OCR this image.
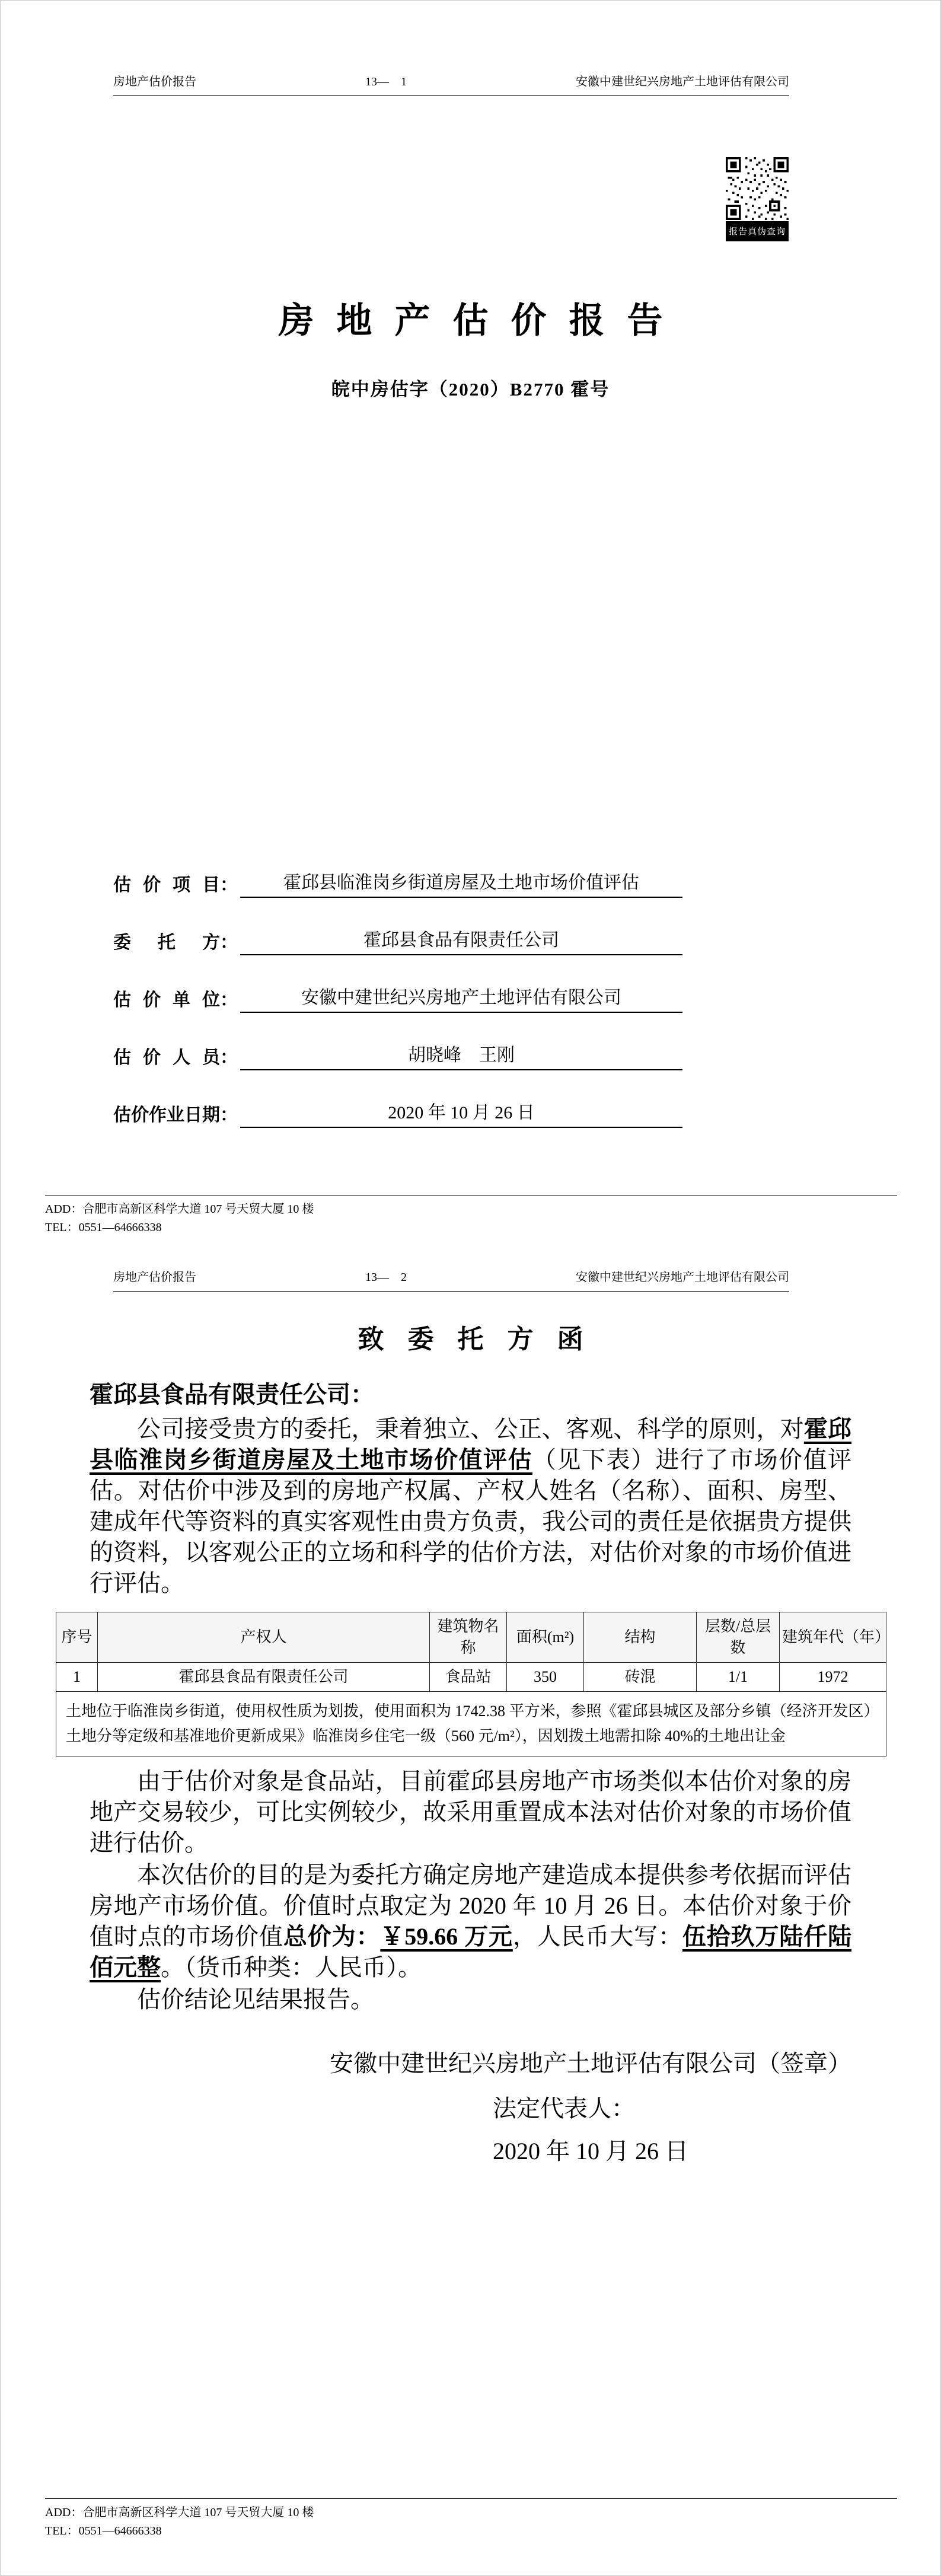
房地产估价报告	13—　1	安徽中建世纪兴房地产土地评估有限公司
报告真伪查询
房地产估价报告
皖中房估字（2020）B2770 霍号
估  价  项  目：	霍邱县临淮岗乡街道房屋及土地市场价值评估
委  托  方：	霍邱县食品有限责任公司
估  价  单  位：	安徽中建世纪兴房地产土地评估有限公司
估  价  人  员：	胡晓峰　王刚
估价作业日期：	2020 年 10 月 26 日
ADD：合肥市高新区科学大道 107 号天贸大厦 10 楼
TEL：0551—64666338
房地产估价报告	13—　2	安徽中建世纪兴房地产土地评估有限公司
致委托方函
霍邱县食品有限责任公司：

公司接受贵方的委托，秉着独立、公正、客观、科学的原则，对霍邱县临淮岗乡街道房屋及土地市场价值评估（见下表）进行了市场价值评估。对估价中涉及到的房地产权属、产权人姓名（名称）、面积、房型、建成年代等资料的真实客观性由贵方负责，我公司的责任是依据贵方提供的资料，以客观公正的立场和科学的估价方法，对估价对象的市场价值进行评估。

序号	产权人	建筑物名称	面积(m²)	结构	层数/总层数	建筑年代（年）
1	霍邱县食品有限责任公司	食品站	350	砖混	1/1	1972
土地位于临淮岗乡街道，使用权性质为划拨，使用面积为 1742.38 平方米，参照《霍邱县城区及部分乡镇（经济开发区）土地分等定级和基准地价更新成果》临淮岗乡住宅一级（560 元/m²），因划拨土地需扣除 40%的土地出让金						

由于估价对象是食品站，目前霍邱县房地产市场类似本估价对象的房地产交易较少，可比实例较少，故采用重置成本法对估价对象的市场价值进行估价。

本次估价的目的是为委托方确定房地产建造成本提供参考依据而评估房地产市场价值。价值时点取定为 2020 年 10 月 26 日。本估价对象于价值时点的市场价值总价为：￥59.66 万元，人民币大写：伍拾玖万陆仟陆佰元整。（货币种类：人民币）。

估价结论见结果报告。

安徽中建世纪兴房地产土地评估有限公司（签章）
法定代表人：
2020 年 10 月 26 日
ADD：合肥市高新区科学大道 107 号天贸大厦 10 楼
TEL：0551—64666338
